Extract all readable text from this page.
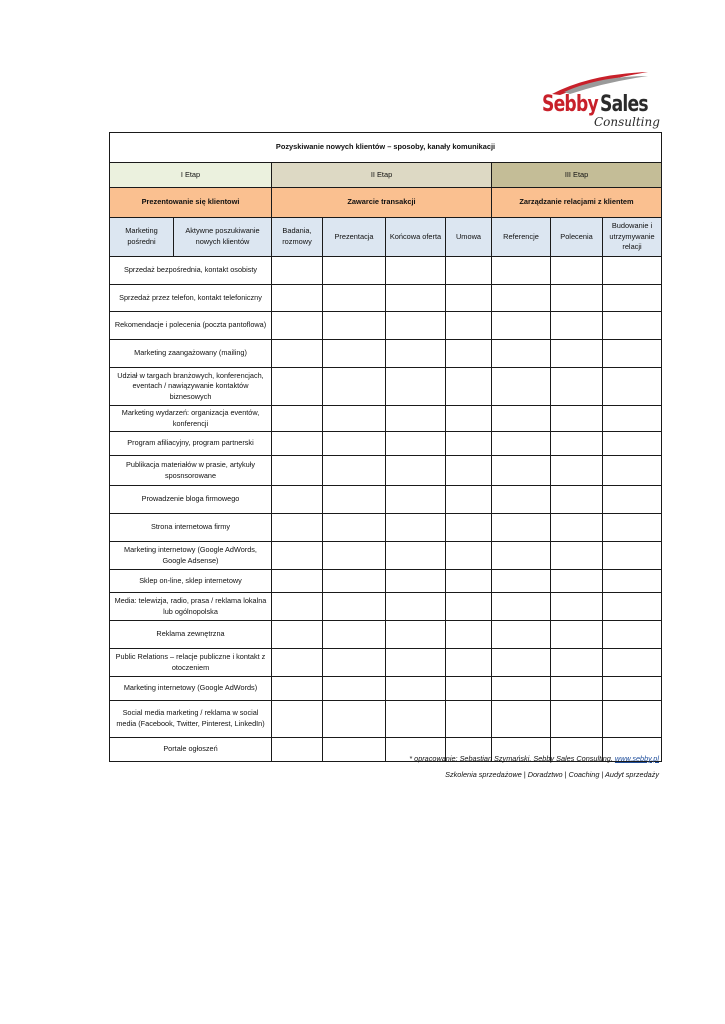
Sebby Sales
Consulting
Pozyskiwanie nowych klientów – sposoby, kanały komunikacji								
I Etap		II Etap				III Etap		
Prezentowanie się klientowi		Zawarcie transakcji				Zarządzanie relacjami z klientem		
Marketing pośredni	Aktywne poszukiwanie nowych klientów	Badania, rozmowy	Prezentacja	Końcowa oferta	Umowa	Referencje	Polecenia	Budowanie i utrzymywanie relacji
Sprzedaż bezpośrednia, kontakt osobisty								
Sprzedaż przez telefon, kontakt telefoniczny								
Rekomendacje i polecenia (poczta pantoflowa)								
Marketing zaangażowany (mailing)								
Udział w targach branżowych, konferencjach, eventach / nawiązywanie kontaktów biznesowych								
Marketing wydarzeń: organizacja eventów, konferencji								
Program afiliacyjny, program partnerski								
Publikacja materiałów w prasie, artykuły sposnsorowane								
Prowadzenie bloga firmowego								
Strona internetowa firmy								
Marketing internetowy (Google AdWords, Google Adsense)								
Sklep on-line, sklep internetowy								
Media: telewizja, radio, prasa / reklama lokalna lub ogólnopolska								
Reklama zewnętrzna								
Public Relations – relacje publiczne i kontakt z otoczeniem								
Marketing internetowy (Google AdWords)								
Social media marketing / reklama w social media (Facebook, Twitter, Pinterest, LinkedIn)								
Portale ogłoszeń								
* opracowanie: Sebastian Szymański, Sebby Sales Consulting, www.sebby.pl
Szkolenia sprzedażowe | Doradztwo | Coaching | Audyt sprzedaży
